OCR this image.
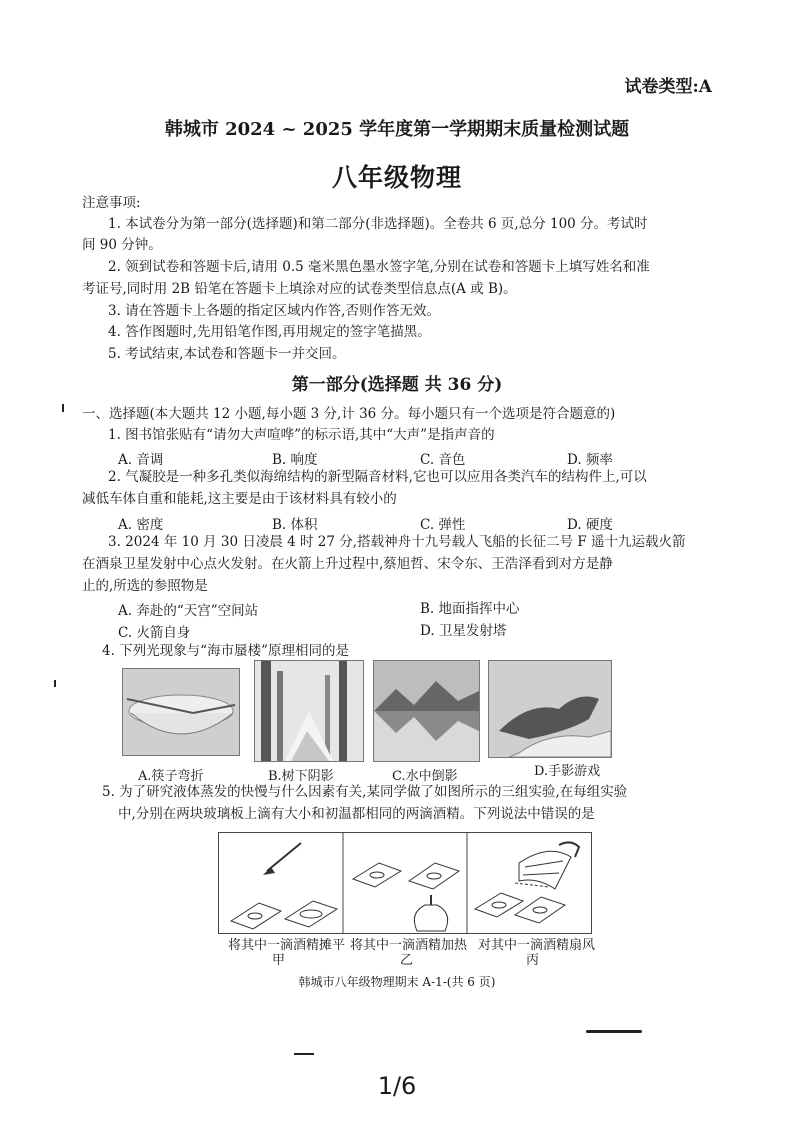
试卷类型:A
韩城市 2024 ~ 2025 学年度第一学期期末质量检测试题
八年级物理
注意事项:
1. 本试卷分为第一部分(选择题)和第二部分(非选择题)。全卷共 6 页,总分 100 分。考试时
间 90 分钟。
2. 领到试卷和答题卡后,请用 0.5 毫米黑色墨水签字笔,分别在试卷和答题卡上填写姓名和准
考证号,同时用 2B 铅笔在答题卡上填涂对应的试卷类型信息点(A 或 B)。
3. 请在答题卡上各题的指定区域内作答,否则作答无效。
4. 答作图题时,先用铅笔作图,再用规定的签字笔描黑。
5. 考试结束,本试卷和答题卡一并交回。
第一部分(选择题 共 36 分)
一、选择题(本大题共 12 小题,每小题 3 分,计 36 分。每小题只有一个选项是符合题意的)
1. 图书馆张贴有“请勿大声喧哗”的标示语,其中“大声”是指声音的
A. 音调	B. 响度	C. 音色	D. 频率
2. 气凝胶是一种多孔类似海绵结构的新型隔音材料,它也可以应用各类汽车的结构件上,可以
减低车体自重和能耗,这主要是由于该材料具有较小的
A. 密度	B. 体积	C. 弹性	D. 硬度
3. 2024 年 10 月 30 日凌晨 4 时 27 分,搭载神舟十九号载人飞船的长征二号 F 遥十九运载火箭
在酒泉卫星发射中心点火发射。在火箭上升过程中,蔡旭哲、宋令东、王浩泽看到对方是静
止的,所选的参照物是
A. 奔赴的“天宫”空间站	B. 地面指挥中心
C. 火箭自身	D. 卫星发射塔
4. 下列光现象与“海市蜃楼”原理相同的是
A.筷子弯折	B.树下阴影	C.水中倒影	D.手影游戏
5. 为了研究液体蒸发的快慢与什么因素有关,某同学做了如图所示的三组实验,在每组实验
中,分别在两块玻璃板上滴有大小和初温都相同的两滴酒精。下列说法中错误的是
将其中一滴酒精摊平
甲
将其中一滴酒精加热
乙
对其中一滴酒精扇风
丙
韩城市八年级物理期末 A-1-(共 6 页)
1/6
